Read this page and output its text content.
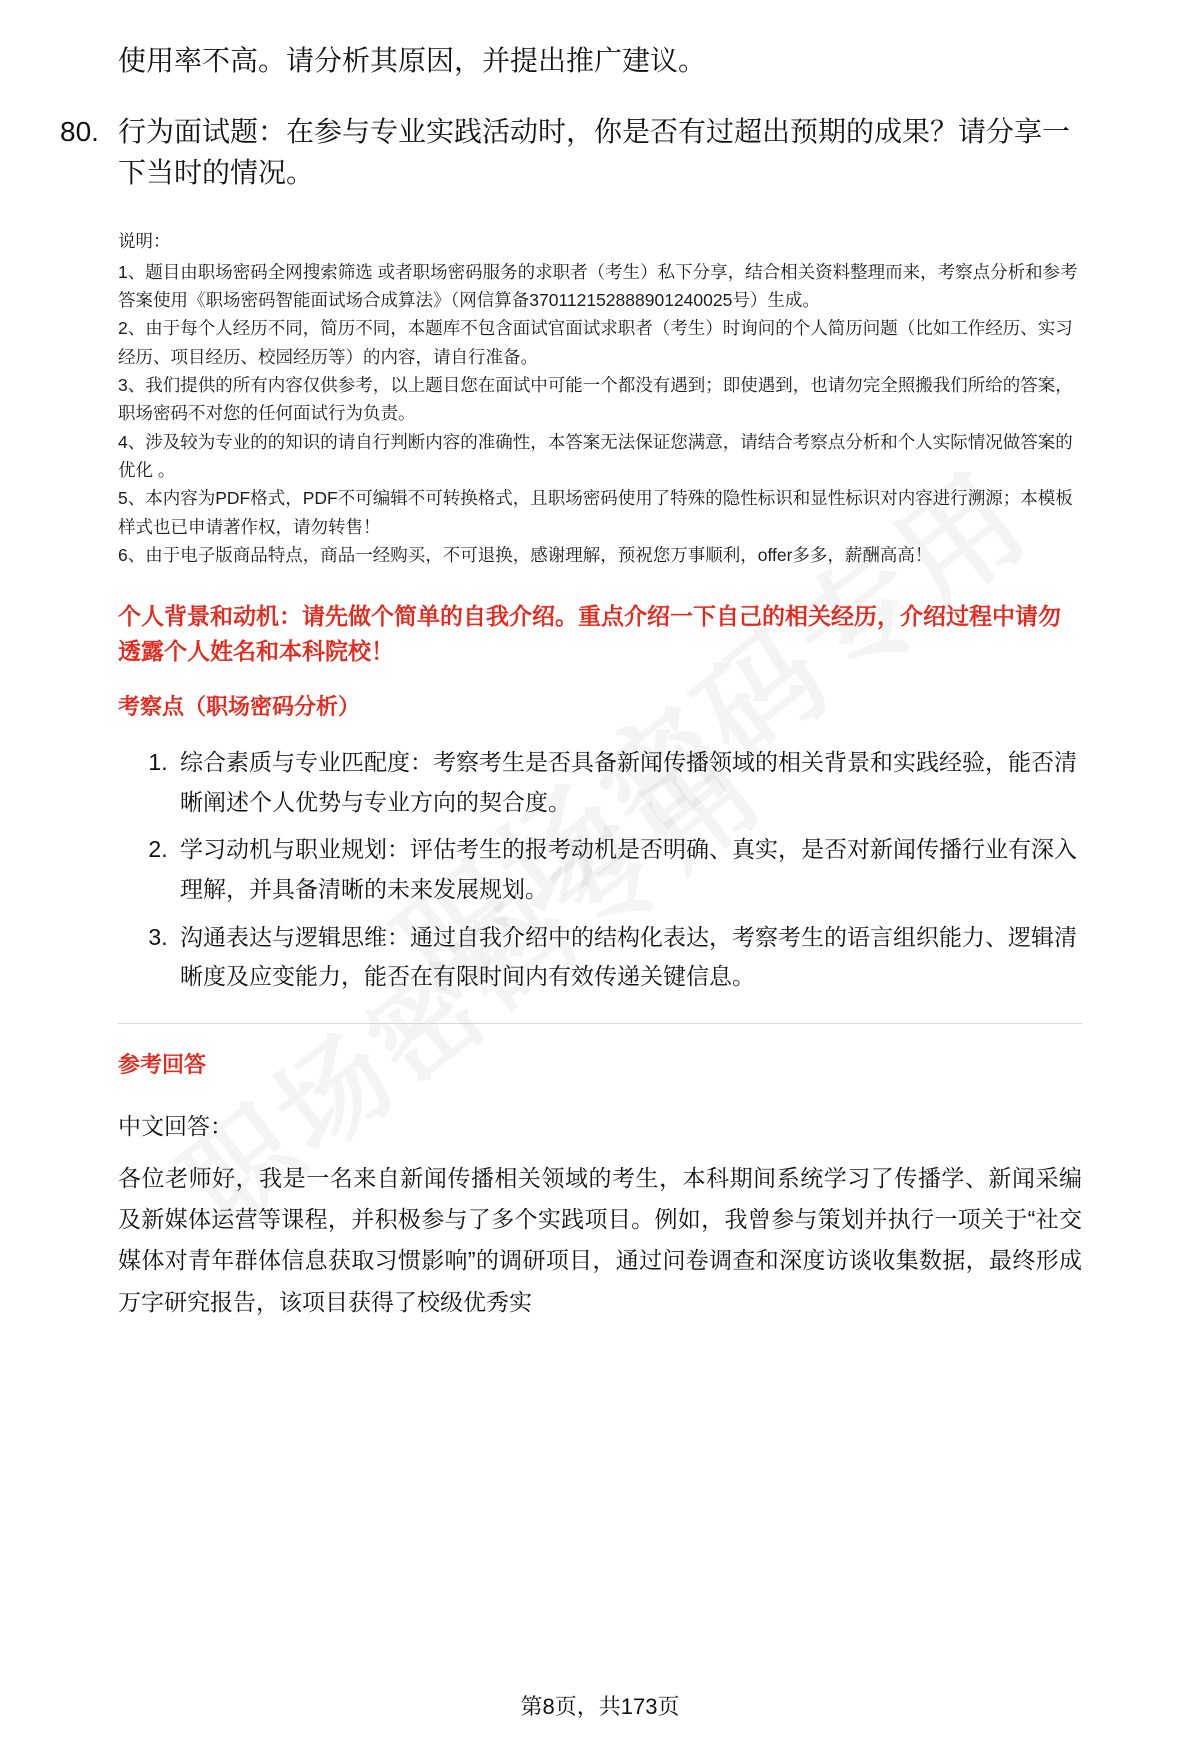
使用率不高。请分析其原因，并提出推广建议。

80. 行为面试题：在参与专业实践活动时，你是否有过超出预期的成果？请分享一下当时的情况。

说明：

1、题目由职场密码全网搜索筛选 或者职场密码服务的求职者（考生）私下分享，结合相关资料整理而来，考察点分析和参考答案使用《职场密码智能面试场合成算法》（网信算备370112152888901240025号）生成。

2、由于每个人经历不同，简历不同，本题库不包含面试官面试求职者（考生）时询问的个人简历问题（比如工作经历、实习经历、项目经历、校园经历等）的内容，请自行准备。

3、我们提供的所有内容仅供参考，以上题目您在面试中可能一个都没有遇到；即使遇到，也请勿完全照搬我们所给的答案，职场密码不对您的任何面试行为负责。

4、涉及较为专业的的知识的请自行判断内容的准确性，本答案无法保证您满意，请结合考察点分析和个人实际情况做答案的优化 。

5、本内容为PDF格式，PDF不可编辑不可转换格式，且职场密码使用了特殊的隐性标识和显性标识对内容进行溯源；本模板样式也已申请著作权，请勿转售！

6、由于电子版商品特点，商品一经购买，不可退换，感谢理解，预祝您万事顺利，offer多多，薪酬高高！

个人背景和动机：请先做个简单的自我介绍。重点介绍一下自己的相关经历，介绍过程中请勿透露个人姓名和本科院校！

考察点（职场密码分析）

1. 综合素质与专业匹配度：考察考生是否具备新闻传播领域的相关背景和实践经验，能否清晰阐述个人优势与专业方向的契合度。
2. 学习动机与职业规划：评估考生的报考动机是否明确、真实，是否对新闻传播行业有深入理解，并具备清晰的未来发展规划。
3. 沟通表达与逻辑思维：通过自我介绍中的结构化表达，考察考生的语言组织能力、逻辑清晰度及应变能力，能否在有限时间内有效传递关键信息。

参考回答

中文回答：

各位老师好，我是一名来自新闻传播相关领域的考生，本科期间系统学习了传播学、新闻采编及新媒体运营等课程，并积极参与了多个实践项目。例如，我曾参与策划并执行一项关于“社交媒体对青年群体信息获取习惯影响”的调研项目，通过问卷调查和深度访谈收集数据，最终形成万字研究报告，该项目获得了校级优秀实

第8页，共173页
